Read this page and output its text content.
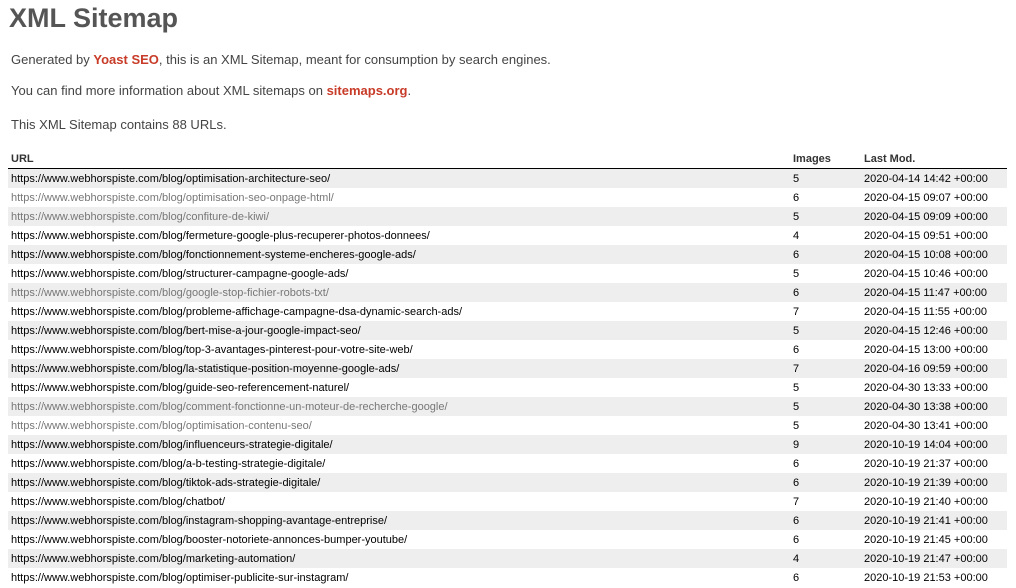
XML Sitemap

Generated by Yoast SEO, this is an XML Sitemap, meant for consumption by search engines.

You can find more information about XML sitemaps on sitemaps.org.

This XML Sitemap contains 88 URLs.

URL	Images	Last Mod.
https://www.webhorspiste.com/blog/optimisation-architecture-seo/	5	2020-04-14 14:42 +00:00
https://www.webhorspiste.com/blog/optimisation-seo-onpage-html/	6	2020-04-15 09:07 +00:00
https://www.webhorspiste.com/blog/confiture-de-kiwi/	5	2020-04-15 09:09 +00:00
https://www.webhorspiste.com/blog/fermeture-google-plus-recuperer-photos-donnees/	4	2020-04-15 09:51 +00:00
https://www.webhorspiste.com/blog/fonctionnement-systeme-encheres-google-ads/	6	2020-04-15 10:08 +00:00
https://www.webhorspiste.com/blog/structurer-campagne-google-ads/	5	2020-04-15 10:46 +00:00
https://www.webhorspiste.com/blog/google-stop-fichier-robots-txt/	6	2020-04-15 11:47 +00:00
https://www.webhorspiste.com/blog/probleme-affichage-campagne-dsa-dynamic-search-ads/	7	2020-04-15 11:55 +00:00
https://www.webhorspiste.com/blog/bert-mise-a-jour-google-impact-seo/	5	2020-04-15 12:46 +00:00
https://www.webhorspiste.com/blog/top-3-avantages-pinterest-pour-votre-site-web/	6	2020-04-15 13:00 +00:00
https://www.webhorspiste.com/blog/la-statistique-position-moyenne-google-ads/	7	2020-04-16 09:59 +00:00
https://www.webhorspiste.com/blog/guide-seo-referencement-naturel/	5	2020-04-30 13:33 +00:00
https://www.webhorspiste.com/blog/comment-fonctionne-un-moteur-de-recherche-google/	5	2020-04-30 13:38 +00:00
https://www.webhorspiste.com/blog/optimisation-contenu-seo/	5	2020-04-30 13:41 +00:00
https://www.webhorspiste.com/blog/influenceurs-strategie-digitale/	9	2020-10-19 14:04 +00:00
https://www.webhorspiste.com/blog/a-b-testing-strategie-digitale/	6	2020-10-19 21:37 +00:00
https://www.webhorspiste.com/blog/tiktok-ads-strategie-digitale/	6	2020-10-19 21:39 +00:00
https://www.webhorspiste.com/blog/chatbot/	7	2020-10-19 21:40 +00:00
https://www.webhorspiste.com/blog/instagram-shopping-avantage-entreprise/	6	2020-10-19 21:41 +00:00
https://www.webhorspiste.com/blog/booster-notoriete-annonces-bumper-youtube/	6	2020-10-19 21:45 +00:00
https://www.webhorspiste.com/blog/marketing-automation/	4	2020-10-19 21:47 +00:00
https://www.webhorspiste.com/blog/optimiser-publicite-sur-instagram/	6	2020-10-19 21:53 +00:00
